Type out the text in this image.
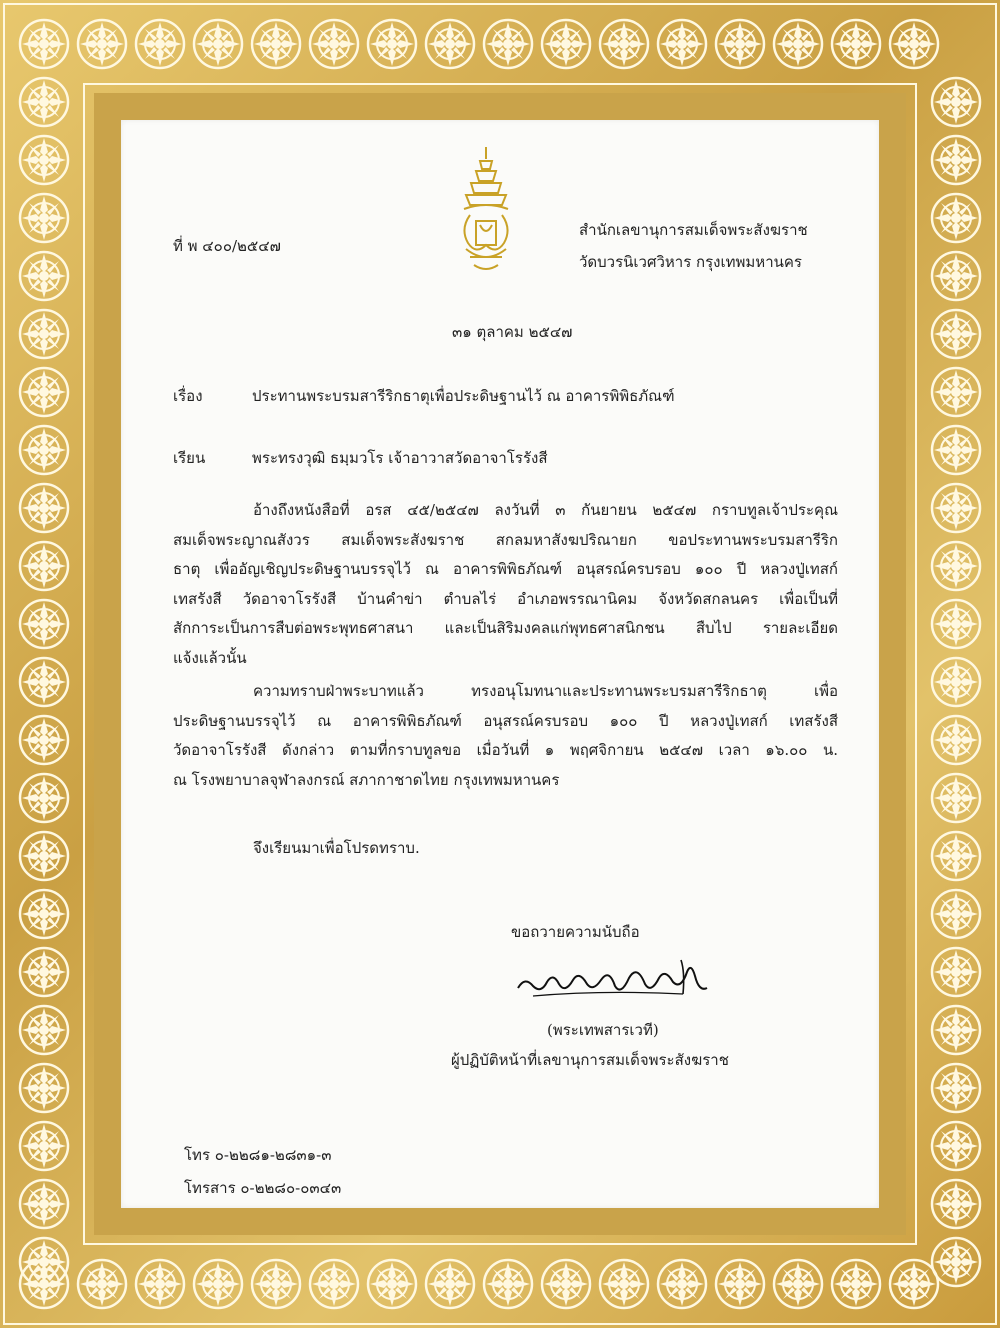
ที่ พ ๔๐๐/๒๕๔๗
สำนักเลขานุการสมเด็จพระสังฆราช
วัดบวรนิเวศวิหาร กรุงเทพมหานคร
๓๑ ตุลาคม ๒๕๔๗
เรื่อง	ประทานพระบรมสารีริกธาตุเพื่อประดิษฐานไว้ ณ อาคารพิพิธภัณฑ์
เรียน	พระทรงวุฒิ ธมฺมวโร เจ้าอาวาสวัดอาจาโรรังสี
อ้างถึงหนังสือที่ อรส ๔๕/๒๕๔๗ ลงวันที่ ๓ กันยายน ๒๕๔๗ กราบทูลเจ้าประคุณ
สมเด็จพระญาณสังวร สมเด็จพระสังฆราช สกลมหาสังฆปริณายก ขอประทานพระบรมสารีริก
ธาตุ เพื่ออัญเชิญประดิษฐานบรรจุไว้ ณ อาคารพิพิธภัณฑ์ อนุสรณ์ครบรอบ ๑๐๐ ปี หลวงปู่เทสก์
เทสรังสี วัดอาจาโรรังสี บ้านคำข่า ตำบลไร่ อำเภอพรรณานิคม จังหวัดสกลนคร เพื่อเป็นที่
สักการะเป็นการสืบต่อพระพุทธศาสนา และเป็นสิริมงคลแก่พุทธศาสนิกชน สืบไป รายละเอียด
แจ้งแล้วนั้น
ความทราบฝ่าพระบาทแล้ว ทรงอนุโมทนาและประทานพระบรมสารีริกธาตุ เพื่อ
ประดิษฐานบรรจุไว้ ณ อาคารพิพิธภัณฑ์ อนุสรณ์ครบรอบ ๑๐๐ ปี หลวงปู่เทสก์ เทสรังสี
วัดอาจาโรรังสี ดังกล่าว ตามที่กราบทูลขอ เมื่อวันที่ ๑ พฤศจิกายน ๒๕๔๗ เวลา ๑๖.๐๐ น.
ณ โรงพยาบาลจุฬาลงกรณ์ สภากาชาดไทย กรุงเทพมหานคร
จึงเรียนมาเพื่อโปรดทราบ.
ขอถวายความนับถือ
(พระเทพสารเวที)
ผู้ปฏิบัติหน้าที่เลขานุการสมเด็จพระสังฆราช
โทร ๐-๒๒๘๑-๒๘๓๑-๓
โทรสาร ๐-๒๒๘๐-๐๓๔๓
